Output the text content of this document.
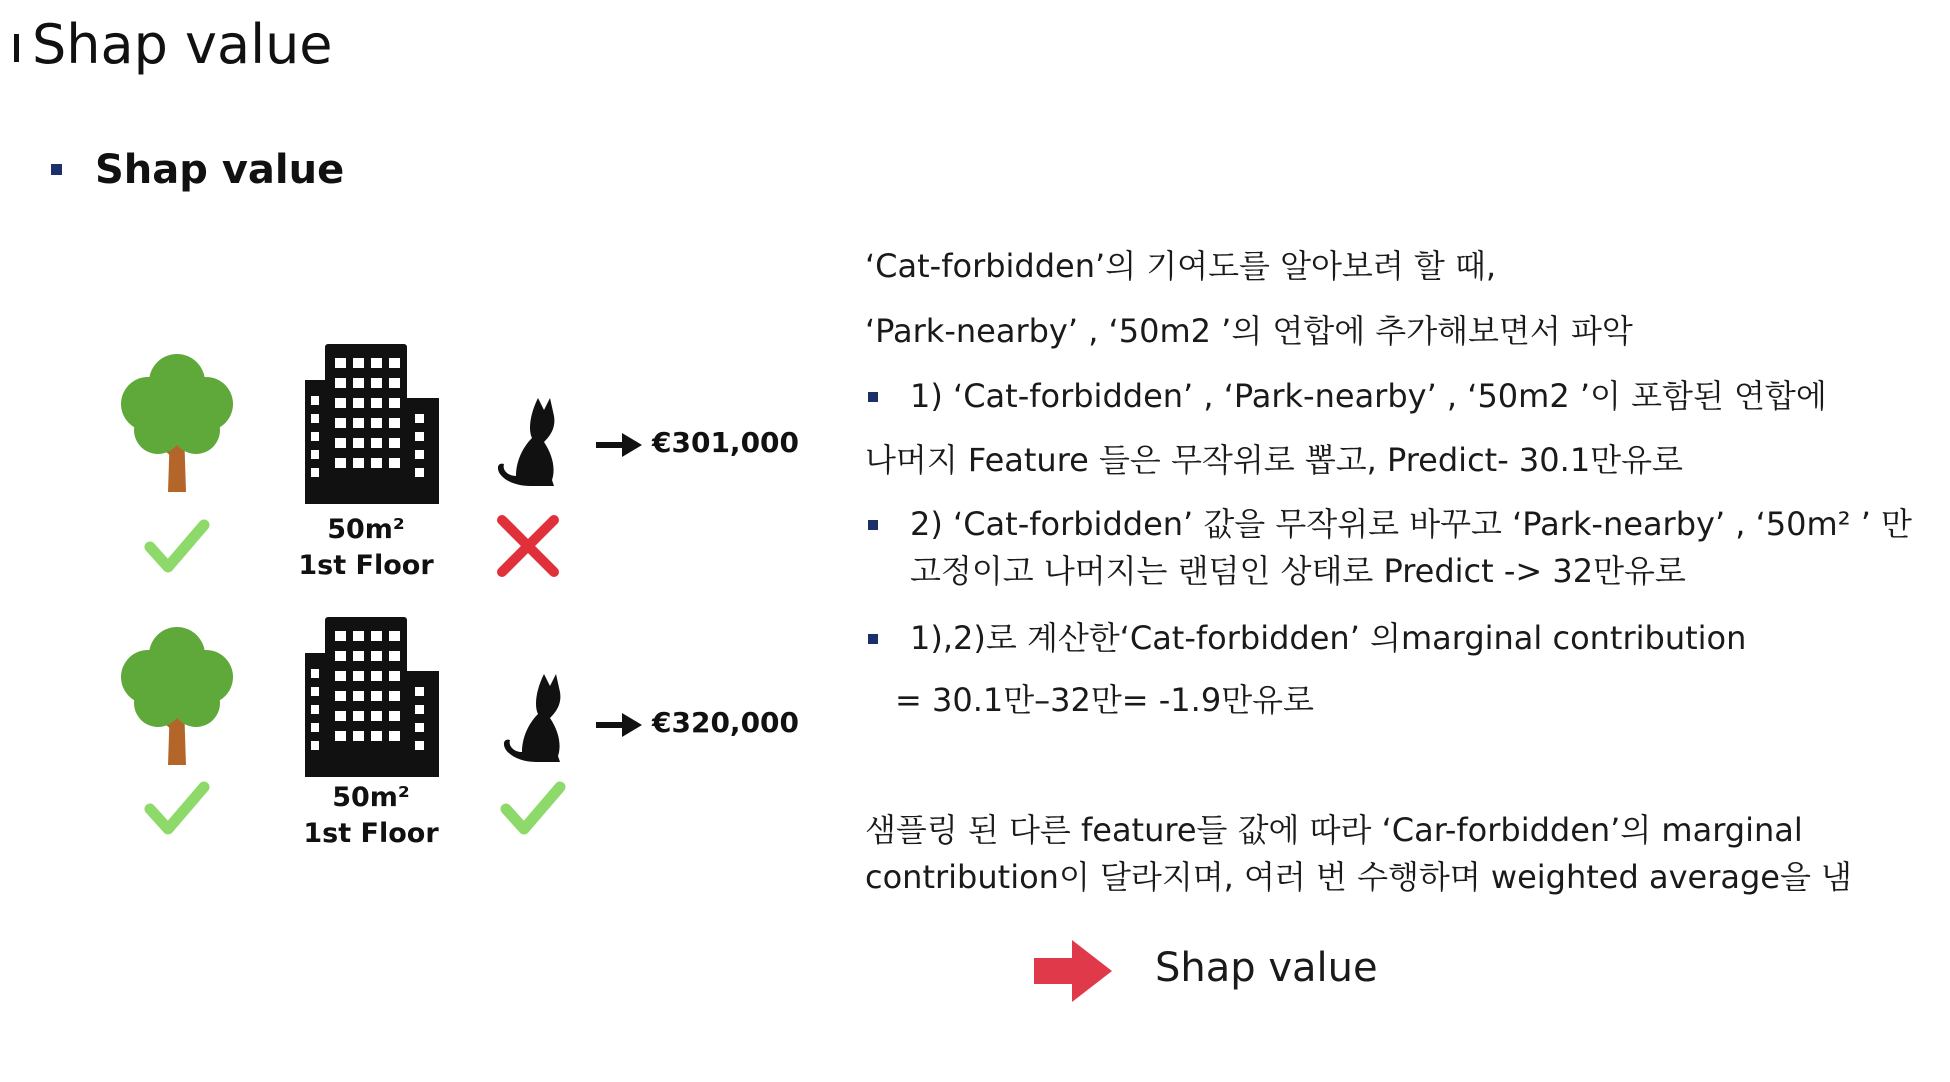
Shap value
Shap value
50m²
1st Floor
€301,000
50m²
1st Floor
€320,000
‘Cat-forbidden’의 기여도를 알아보려 할 때,
‘Park-nearby’ , ‘50m2 ’의 연합에 추가해보면서 파악
1) ‘Cat-forbidden’ , ‘Park-nearby’ , ‘50m2 ’이 포함된 연합에
나머지 Feature 들은 무작위로 뽑고, Predict- 30.1만유로
2) ‘Cat-forbidden’ 값을 무작위로 바꾸고 ‘Park-nearby’ , ‘50m² ’ 만
고정이고 나머지는 랜덤인 상태로 Predict -> 32만유로
1),2)로 계산한‘Cat-forbidden’ 의marginal contribution
= 30.1만–32만= -1.9만유로
샘플링 된 다른 feature들 값에 따라 ‘Car-forbidden’의 marginal
contribution이 달라지며, 여러 번 수행하며 weighted average을 냄
Shap value
